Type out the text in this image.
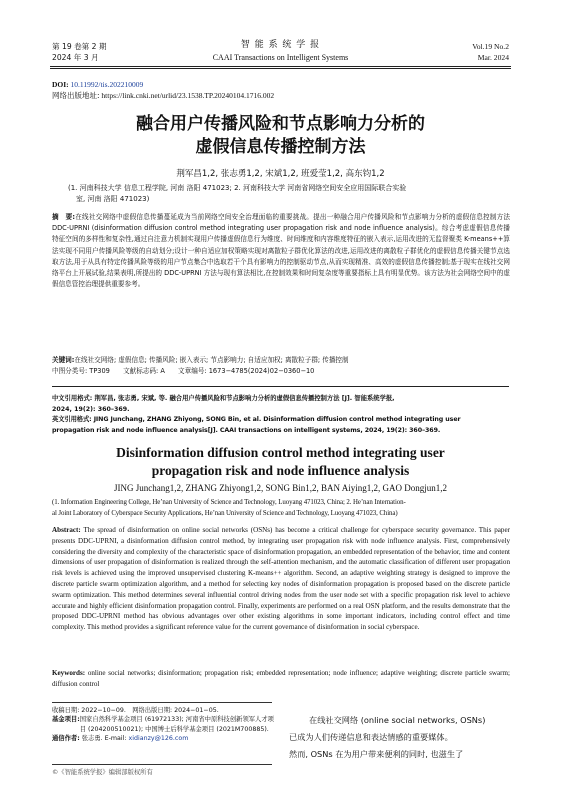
第 19 卷第 2 期
2024 年 3 月
智 能 系 统 学 报
CAAI Transactions on Intelligent Systems
Vol.19 No.2
Mar. 2024
DOI: 10.11992/tis.202210009
网络出版地址: https://link.cnki.net/urlid/23.1538.TP.20240104.1716.002
融合用户传播风险和节点影响力分析的
虚假信息传播控制方法
荆军昌1,2, 张志勇1,2, 宋斌1,2, 班爱莹1,2, 高东钧1,2
(1. 河南科技大学 信息工程学院, 河南 洛阳 471023; 2. 河南科技大学 河南省网络空间安全应用国际联合实验
室, 河南 洛阳 471023)
摘　要:在线社交网络中虚假信息传播蔓延成为当前网络空间安全治理面临的重要挑战。提出一种融合用户传播风险和节点影响力分析的虚假信息控制方法 DDC-UPRNI (disinformation diffusion control method integrating user propagation risk and node influence analysis)。综合考虑虚假信息传播特征空间的多样性和复杂性,通过自注意力机制实现用户传播虚假信息行为维度、时间维度和内容维度特征的嵌入表示,运用改进的无监督聚类 K-means++算法实现不同用户传播风险等级的自动划分;设计一种自适应加权策略实现对离散粒子群优化算法的改进,运用改进的离散粒子群优化的虚假信息传播关键节点选取方法,用于从具有特定传播风险等级的用户节点集合中选取若干个具有影响力的控制驱动节点,从而实现精准、高效的虚假信息传播控制;基于现实在线社交网络平台上开展试验,结果表明,所提出的 DDC-UPRNI 方法与现有算法相比,在控制效果和时间复杂度等重要指标上具有明显优势。该方法为社会网络空间中的虚假信息管控治理提供重要参考。
关键词:在线社交网络; 虚假信息; 传播风险; 嵌入表示; 节点影响力; 自适应加权; 离散粒子群; 传播控制
中图分类号: TP309　　文献标志码: A　　文章编号: 1673−4785(2024)02−0360−10
中文引用格式: 荆军昌, 张志勇, 宋斌, 等. 融合用户传播风险和节点影响力分析的虚假信息传播控制方法 [J]. 智能系统学报,
2024, 19(2): 360–369.
英文引用格式: JING Junchang, ZHANG Zhiyong, SONG Bin, et al. Disinformation diffusion control method integrating user
propagation risk and node influence analysis[J]. CAAI transactions on intelligent systems, 2024, 19(2): 360–369.
Disinformation diffusion control method integrating user
propagation risk and node influence analysis
JING Junchang1,2, ZHANG Zhiyong1,2, SONG Bin1,2, BAN Aiying1,2, GAO Dongjun1,2
(1. Information Engineering College, He’nan University of Science and Technology, Luoyang 471023, China; 2. He’nan Internation-
al Joint Laboratory of Cyberspace Security Applications, He’nan University of Science and Technology, Luoyang 471023, China)
Abstract: The spread of disinformation on online social networks (OSNs) has become a critical challenge for cyberspace security governance. This paper presents DDC-UPRNI, a disinformation diffusion control method, by integrating user propagation risk with node influence analysis. First, comprehensively considering the diversity and complexity of the characteristic space of disinformation propagation, an embedded representation of the behavior, time and content dimensions of user propagation of disinformation is realized through the self-attention mechanism, and the automatic classification of different user propagation risk levels is achieved using the improved unsupervised clustering K-means++ algorithm. Second, an adaptive weighting strategy is designed to improve the discrete particle swarm optimization algorithm, and a method for selecting key nodes of disinformation propagation is proposed based on the discrete particle swarm optimization. This method determines several influential control driving nodes from the user node set with a specific propagation risk level to achieve accurate and highly efficient disinformation propagation control. Finally, experiments are performed on a real OSN platform, and the results demonstrate that the proposed DDC-UPRNI method has obvious advantages over other existing algorithms in some important indicators, including control effect and time complexity. This method provides a significant reference value for the current governance of disinformation in social cyberspace.
Keywords: online social networks; disinformation; propagation risk; embedded representation; node influence; adaptive weighting; discrete particle swarm; diffusion control
收稿日期: 2022−10−09.　网络出版日期: 2024−01−05.
基金项目: 国家自然科学基金项目 (61972133); 河南省中原科技创新领军人才项目 (204200510021); 中国博士后科学基金项目 (2021M700885).
通信作者: 张志勇. E-mail: xidianzy@126.com
©《智能系统学报》编辑部版权所有
在线社交网络 (online social networks, OSNs)
已成为人们传递信息和表达情感的重要媒体。
然而, OSNs 在为用户带来便利的同时, 也滋生了
